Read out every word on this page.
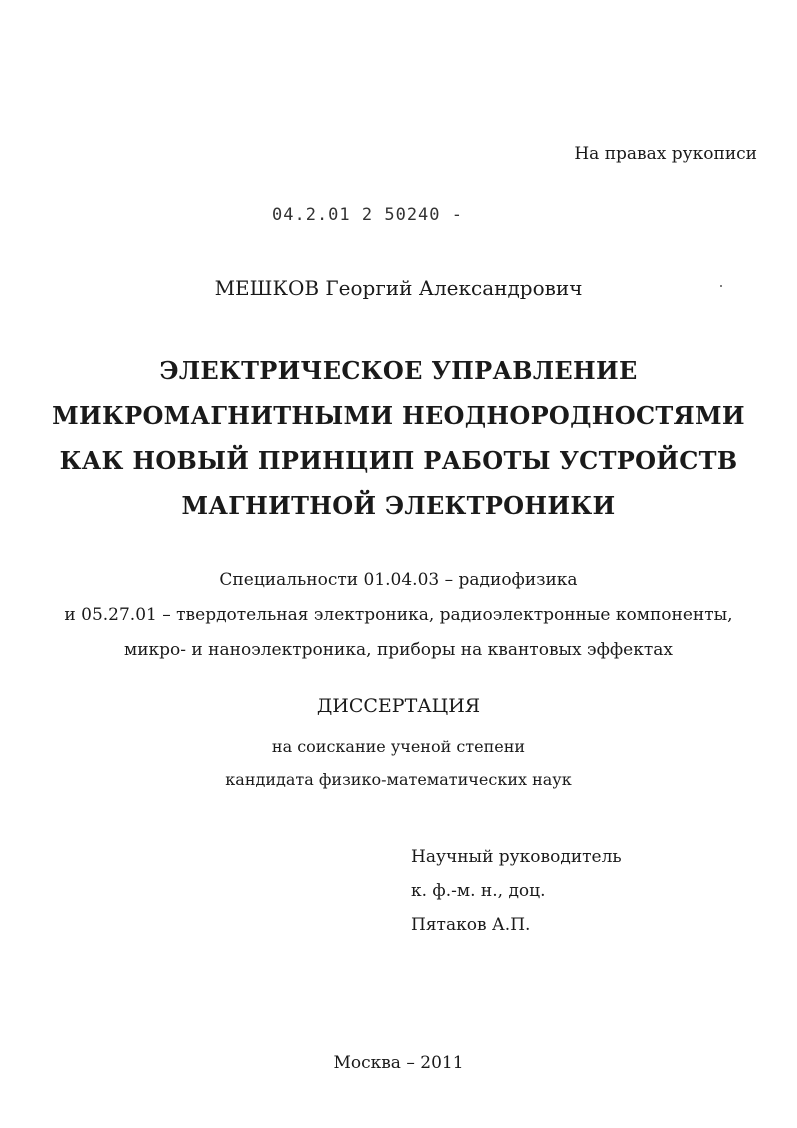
На правах рукописи
04.2.01 2 50240 -
МЕШКОВ Георгий Александрович
ЭЛЕКТРИЧЕСКОЕ УПРАВЛЕНИЕ
МИКРОМАГНИТНЫМИ НЕОДНОРОДНОСТЯМИ
КАК НОВЫЙ ПРИНЦИП РАБОТЫ УСТРОЙСТВ
МАГНИТНОЙ ЭЛЕКТРОНИКИ
Специальности 01.04.03 – радиофизика
и 05.27.01 – твердотельная электроника, радиоэлектронные компоненты,
микро- и наноэлектроника, приборы на квантовых эффектах
ДИССЕРТАЦИЯ
на соискание ученой степени
кандидата физико-математических наук
Научный руководитель
к. ф.-м. н., доц.
Пятаков А.П.
Москва – 2011
